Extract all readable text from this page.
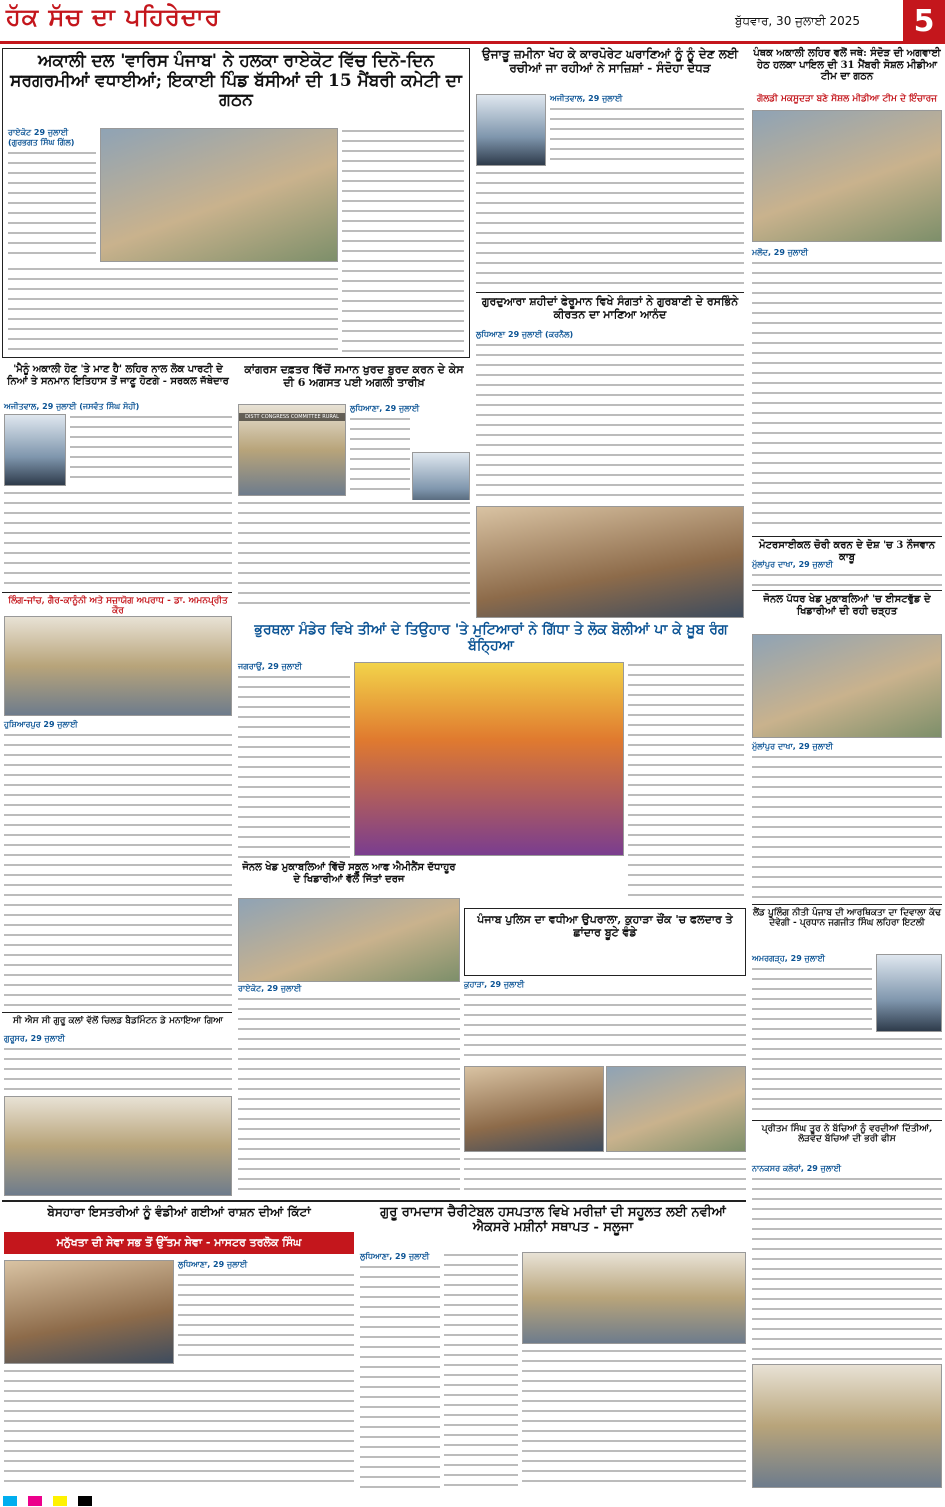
ਹੱਕ ਸੱਚ ਦਾ ਪਹਿਰੇਦਾਰ	ਬੁੱਧਵਾਰ, 30 ਜੁਲਾਈ 2025	5
ਅਕਾਲੀ ਦਲ 'ਵਾਰਿਸ ਪੰਜਾਬ' ਨੇ ਹਲਕਾ ਰਾਏਕੋਟ ਵਿੱਚ ਦਿਨੋ-ਦਿਨ ਸਰਗਰਮੀਆਂ ਵਧਾਈਆਂ; ਇਕਾਈ ਪਿੰਡ ਬੱਸੀਆਂ ਦੀ 15 ਮੈਂਬਰੀ ਕਮੇਟੀ ਦਾ ਗਠਨ
ਰਾਏਕੋਟ 29 ਜੁਲਾਈ (ਗੁਰਭਗਤ ਸਿੰਘ ਗਿੱਲ)
ਉਜਾੜੂ ਜ਼ਮੀਨਾ ਖੋਹ ਕੇ ਕਾਰਪੋਰੇਟ ਘਰਾਣਿਆਂ ਨੂੰ ਨੂੰ ਦੇਣ ਲਈ ਰਚੀਆਂ ਜਾ ਰਹੀਆਂ ਨੇ ਸਾਜ਼ਿਸ਼ਾਂ - ਸੰਦੋਹਾ ਦੇਧੜ
ਅਜੀਤਵਾਲ, 29 ਜੁਲਾਈ
ਪੰਥਕ ਅਕਾਲੀ ਲਹਿਰ ਵਲੋਂ ਜਥੇ: ਸੰਦੋੜ ਦੀ ਅਗਵਾਈ ਹੇਠ ਹਲਕਾ ਪਾਇਲ ਦੀ 31 ਮੈਂਬਰੀ ਸੋਸ਼ਲ ਮੀਡੀਆ ਟੀਮ ਦਾ ਗਠਨ
ਗੋਲਡੀ ਮਕਸੂਦੜਾ ਬਣੇ ਸੋਸ਼ਲ ਮੀਡੀਆ ਟੀਮ ਦੇ ਇੰਚਾਰਜ
ਮਲੌਦ, 29 ਜੁਲਾਈ
ਗੁਰਦੁਆਰਾ ਸ਼ਹੀਦਾਂ ਫੇਰੂਮਾਨ ਵਿਖੇ ਸੰਗਤਾਂ ਨੇ ਗੁਰਬਾਣੀ ਦੇ ਰਸਭਿੰਨੇ ਕੀਰਤਨ ਦਾ ਮਾਣਿਆ ਆਨੰਦ
ਲੁਧਿਆਣਾ 29 ਜੁਲਾਈ (ਕਰਨੈਲ)
'ਮੈਨੂੰ ਅਕਾਲੀ ਹੋਣ 'ਤੇ ਮਾਣ ਹੈ' ਲਹਿਰ ਨਾਲ ਲੋਕ ਪਾਰਟੀ ਦੇ ਨਿਆਂ ਤੇ ਸਨਮਾਨ ਇਤਿਹਾਸ ਤੋਂ ਜਾਣੂ ਹੋਣਗੇ - ਸਰਕਲ ਜੱਥੇਦਾਰ
ਅਜੀਤਵਾਲ, 29 ਜੁਲਾਈ (ਜਸਵੰਤ ਸਿੰਘ ਸੋਹੀ)
ਕਾਂਗਰਸ ਦਫ਼ਤਰ ਵਿੱਚੋਂ ਸਮਾਨ ਖੁਰਦ ਬੁਰਦ ਕਰਨ ਦੇ ਕੇਸ ਦੀ 6 ਅਗਸਤ ਪਈ ਅਗਲੀ ਤਾਰੀਖ਼
DISTT CONGRESS COMMITTEE RURAL
ਲੁਧਿਆਣਾ, 29 ਜੁਲਾਈ
ਲਿੰਗ-ਜਾਂਚ, ਗੈਰ-ਕਾਨੂੰਨੀ ਅਤੇ ਸਜ਼ਾਯੋਗ ਅਪਰਾਧ - ਡਾ. ਅਮਨਪ੍ਰੀਤ ਕੌਰ
ਹੁਸ਼ਿਆਰਪੁਰ 29 ਜੁਲਾਈ
ਮੋਟਰਸਾਈਕਲ ਚੋਰੀ ਕਰਨ ਦੇ ਦੋਸ਼ 'ਚ 3 ਨੌਜਵਾਨ ਕਾਬੂ
ਮੁੱਲਾਂਪੁਰ ਦਾਖਾ, 29 ਜੁਲਾਈ
ਜੋਨਲ ਪੱਧਰ ਖੇਡ ਮੁਕਾਬਲਿਆਂ 'ਚ ਈਸਟਵੁੱਡ ਦੇ ਖਿਡਾਰੀਆਂ ਦੀ ਰਹੀ ਚੜ੍ਹਤ
ਮੁੱਲਾਂਪੁਰ ਦਾਖਾ, 29 ਜੁਲਾਈ
ਭੁਰਥਲਾ ਮੰਡੇਰ ਵਿਖੇ ਤੀਆਂ ਦੇ ਤਿਉਹਾਰ 'ਤੇ ਮੁਟਿਆਰਾਂ ਨੇ ਗਿੱਧਾ ਤੇ ਲੋਕ ਬੋਲੀਆਂ ਪਾ ਕੇ ਖ਼ੂਬ ਰੰਗ ਬੰਨ੍ਹਿਆ
ਜਗਰਾਉਂ, 29 ਜੁਲਾਈ
ਜੋਨਲ ਖੇਡ ਮੁਕਾਬਲਿਆਂ ਵਿੱਚੋਂ ਸਕੂਲ ਆਫ ਐਮੀਨੈਂਸ ਦੱਧਾਹੂਰ ਦੇ ਖਿਡਾਰੀਆਂ ਵੱਲੋਂ ਜਿੱਤਾਂ ਦਰਜ
ਰਾਏਕੋਟ, 29 ਜੁਲਾਈ
ਸੀ ਐਸ ਸੀ ਗੁਰੂ ਕਲਾਂ ਵੱਲੋਂ ਚਿਲਡ ਬੈਡਮਿੰਟਨ ਡੇ ਮਨਾਇਆ ਗਿਆ
ਗੁਰੂਸਰ, 29 ਜੁਲਾਈ
ਪੰਜਾਬ ਪੁਲਿਸ ਦਾ ਵਧੀਆ ਉਪਰਾਲਾ, ਕੁਹਾੜਾ ਚੌਂਕ 'ਚ ਫਲਦਾਰ ਤੇ ਛਾਂਦਾਰ ਬੂਟੇ ਵੰਡੇ
ਕੁਹਾੜਾ, 29 ਜੁਲਾਈ
ਲੈਂਡ ਪੂਲਿੰਗ ਨੀਤੀ ਪੰਜਾਬ ਦੀ ਆਰਥਿਕਤਾ ਦਾ ਦਿਵਾਲਾ ਕੱਢ ਦੇਵੇਗੀ - ਪ੍ਰਧਾਨ ਜਗਜੀਤ ਸਿੰਘ ਲਹਿਰਾ ਇਟਲੀ
ਅਮਰਗੜ੍ਹ, 29 ਜੁਲਾਈ
ਪ੍ਰੀਤਮ ਸਿੰਘ ਤੂਰ ਨੇ ਬੱਚਿਆਂ ਨੂੰ ਵਰਦੀਆਂ ਦਿੱਤੀਆਂ, ਲੋੜਵੰਦ ਬੱਚਿਆਂ ਦੀ ਭਰੀ ਫੀਸ
ਨਾਨਕਸਰ ਕਲੇਰਾਂ, 29 ਜੁਲਾਈ
ਬੇਸਹਾਰਾ ਇਸਤਰੀਆਂ ਨੂੰ ਵੰਡੀਆਂ ਗਈਆਂ ਰਾਸ਼ਨ ਦੀਆਂ ਕਿੱਟਾਂ
ਮਨੁੱਖਤਾ ਦੀ ਸੇਵਾ ਸਭ ਤੋਂ ਉੱਤਮ ਸੇਵਾ - ਮਾਸਟਰ ਤਰਲੋਕ ਸਿੰਘ
ਲੁਧਿਆਣਾ, 29 ਜੁਲਾਈ
ਗੁਰੂ ਰਾਮਦਾਸ ਚੈਰੀਟੇਬਲ ਹਸਪਤਾਲ ਵਿਖੇ ਮਰੀਜ਼ਾਂ ਦੀ ਸਹੂਲਤ ਲਈ ਨਵੀਆਂ ਐਕਸਰੇ ਮਸ਼ੀਨਾਂ ਸਥਾਪਤ - ਸਲੂਜਾ
ਲੁਧਿਆਣਾ, 29 ਜੁਲਾਈ
